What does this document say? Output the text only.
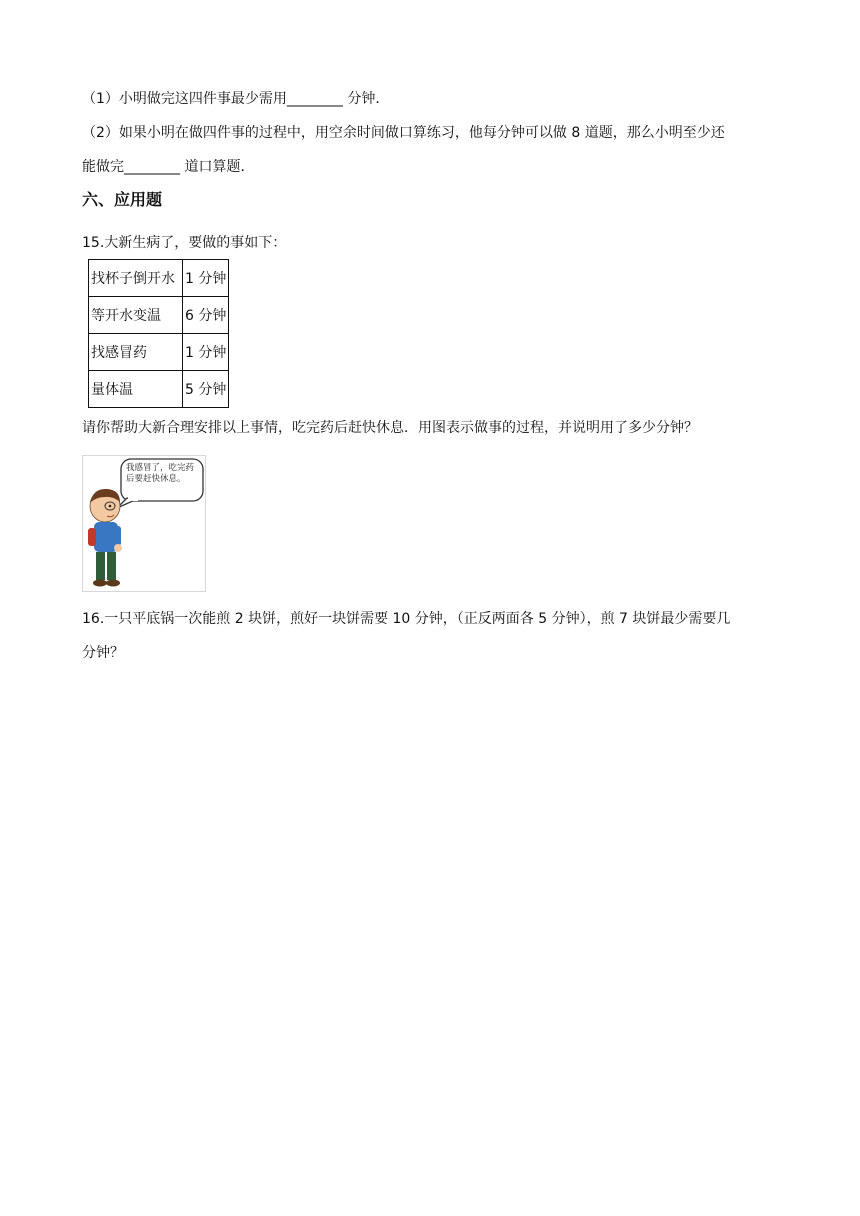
（1）小明做完这四件事最少需用________ 分钟．
（2）如果小明在做四件事的过程中，用空余时间做口算练习，他每分钟可以做 8 道题，那么小明至少还
能做完________ 道口算题．
六、应用题
15.大新生病了，要做的事如下：
找杯子倒开水	1 分钟
等开水变温	6 分钟
找感冒药	1 分钟
量体温	5 分钟
请你帮助大新合理安排以上事情，吃完药后赶快休息．用图表示做事的过程，并说明用了多少分钟？
我感冒了，吃完药后要赶快休息。
16.一只平底锅一次能煎 2 块饼，煎好一块饼需要 10 分钟，（正反两面各 5 分钟），煎 7 块饼最少需要几
分钟？
